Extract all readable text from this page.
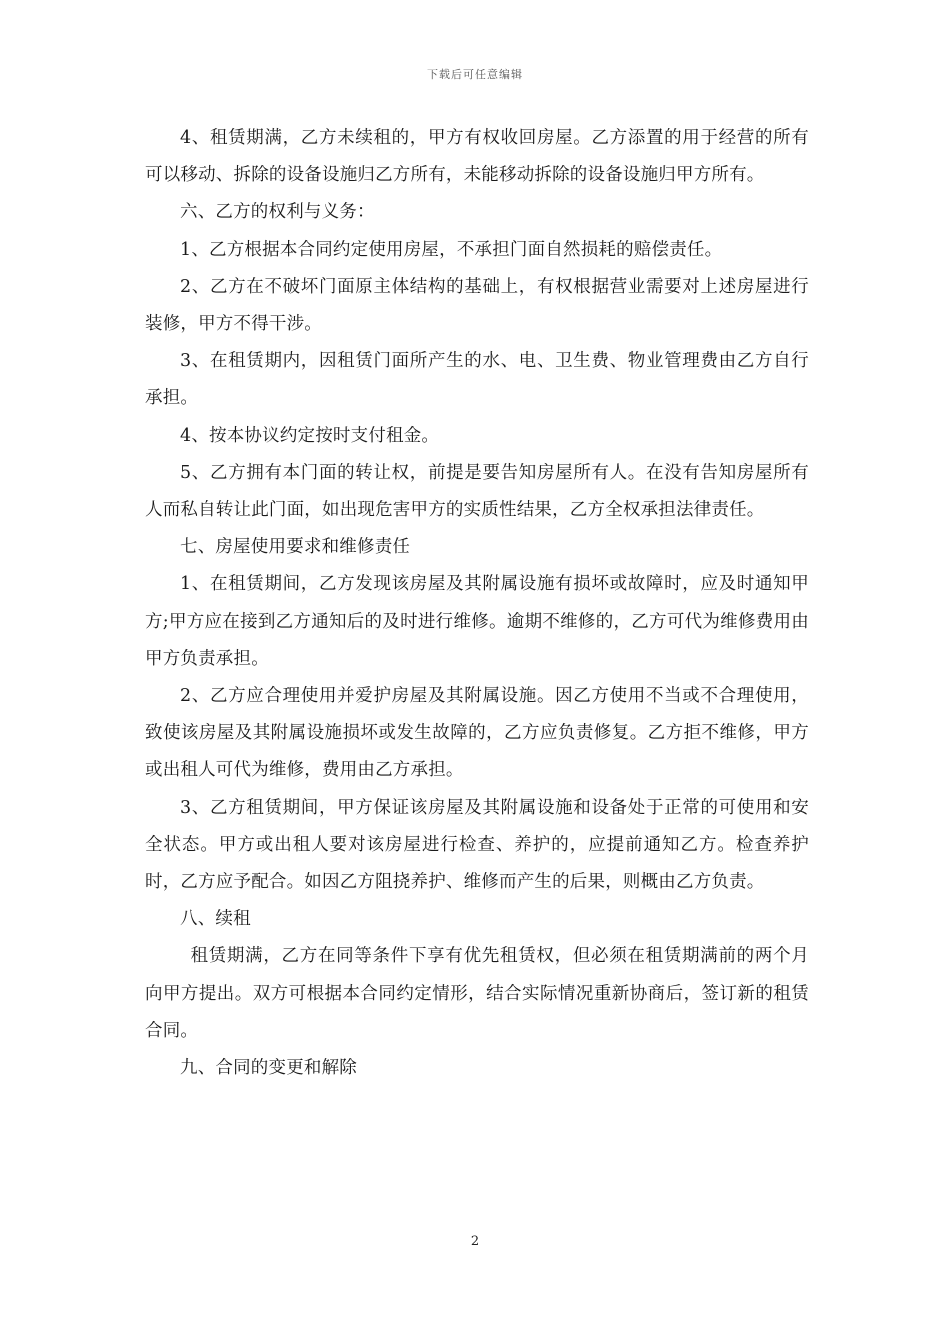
下载后可任意编辑

4、租赁期满，乙方未续租的，甲方有权收回房屋。乙方添置的用于经营的所有可以移动、拆除的设备设施归乙方所有，未能移动拆除的设备设施归甲方所有。

六、乙方的权利与义务：

1、乙方根据本合同约定使用房屋，不承担门面自然损耗的赔偿责任。

2、乙方在不破坏门面原主体结构的基础上，有权根据营业需要对上述房屋进行装修，甲方不得干涉。

3、在租赁期内，因租赁门面所产生的水、电、卫生费、物业管理费由乙方自行承担。

4、按本协议约定按时支付租金。

5、乙方拥有本门面的转让权，前提是要告知房屋所有人。在没有告知房屋所有人而私自转让此门面，如出现危害甲方的实质性结果，乙方全权承担法律责任。

七、房屋使用要求和维修责任

1、在租赁期间，乙方发现该房屋及其附属设施有损坏或故障时，应及时通知甲方;甲方应在接到乙方通知后的及时进行维修。逾期不维修的，乙方可代为维修费用由甲方负责承担。

2、乙方应合理使用并爱护房屋及其附属设施。因乙方使用不当或不合理使用，致使该房屋及其附属设施损坏或发生故障的，乙方应负责修复。乙方拒不维修，甲方或出租人可代为维修，费用由乙方承担。

3、乙方租赁期间，甲方保证该房屋及其附属设施和设备处于正常的可使用和安全状态。甲方或出租人要对该房屋进行检查、养护的，应提前通知乙方。检查养护时，乙方应予配合。如因乙方阻挠养护、维修而产生的后果，则概由乙方负责。

八、续租

租赁期满，乙方在同等条件下享有优先租赁权，但必须在租赁期满前的两个月向甲方提出。双方可根据本合同约定情形，结合实际情况重新协商后，签订新的租赁合同。

九、合同的变更和解除

2
